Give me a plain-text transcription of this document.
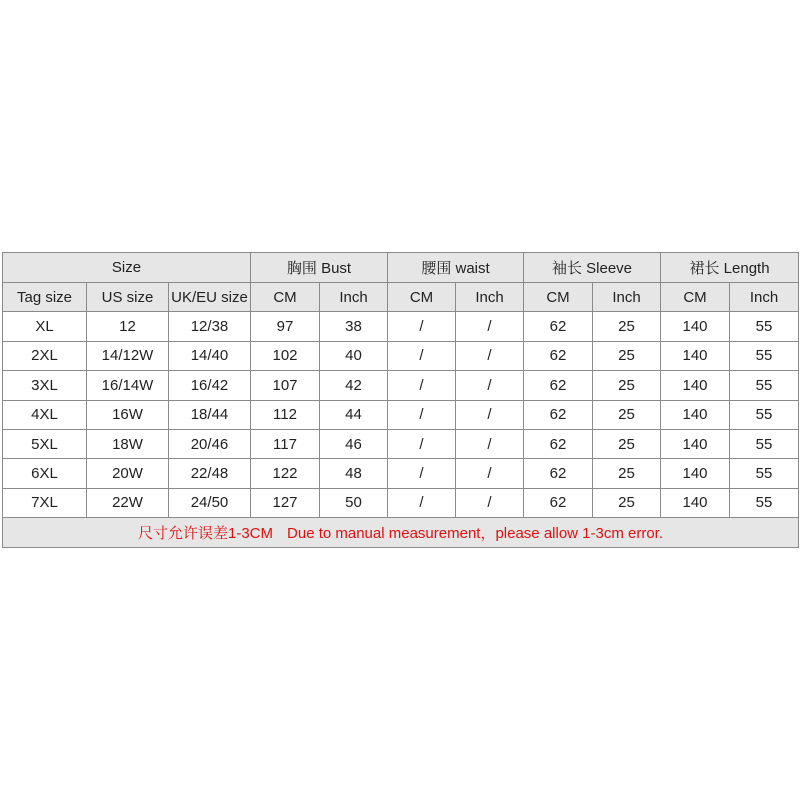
Size			胸围 Bust		腰围 waist		袖长 Sleeve		裙长 Length	
Tag size	US size	UK/EU size	CM	Inch	CM	Inch	CM	Inch	CM	Inch
XL	12	12/38	97	38	/	/	62	25	140	55
2XL	14/12W	14/40	102	40	/	/	62	25	140	55
3XL	16/14W	16/42	107	42	/	/	62	25	140	55
4XL	16W	18/44	112	44	/	/	62	25	140	55
5XL	18W	20/46	117	46	/	/	62	25	140	55
6XL	20W	22/48	122	48	/	/	62	25	140	55
7XL	22W	24/50	127	50	/	/	62	25	140	55
尺寸允许误差1-3CM Due to manual measurement，please allow 1-3cm error.										
